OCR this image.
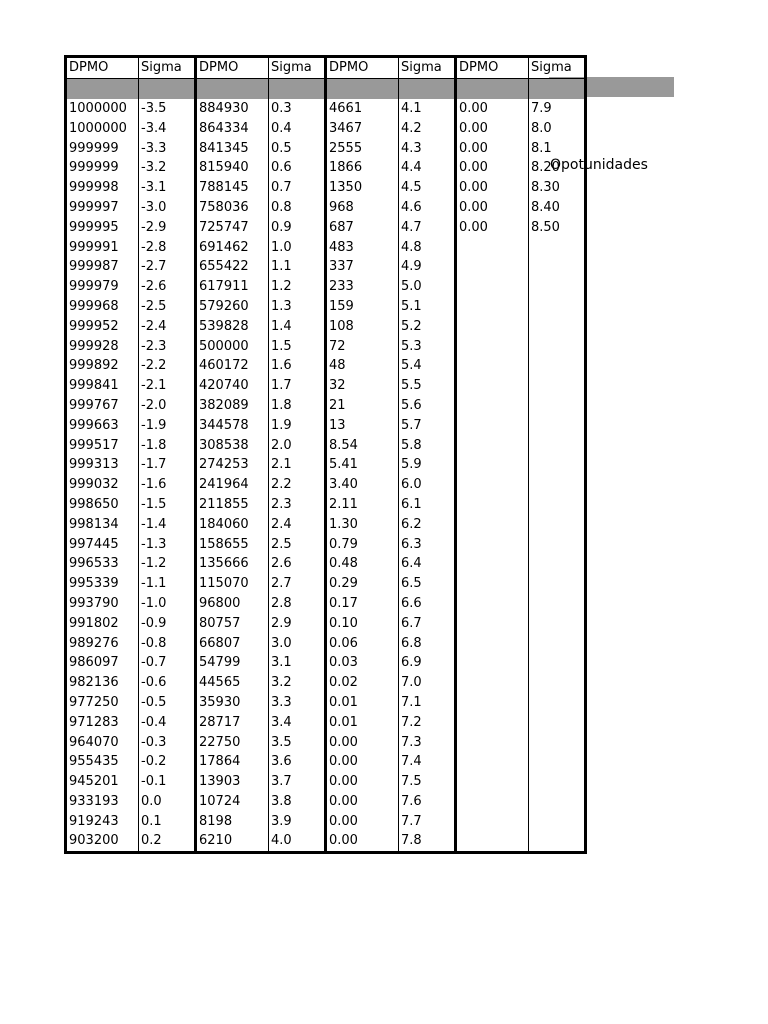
DPMO	Sigma	DPMO	Sigma	DPMO	Sigma	DPMO	Sigma

1000000	-3.5	884930	0.3	4661	4.1	0.00	7.9
1000000	-3.4	864334	0.4	3467	4.2	0.00	8.0
999999	-3.3	841345	0.5	2555	4.3	0.00	8.1
999999	-3.2	815940	0.6	1866	4.4	0.00	8.20
999998	-3.1	788145	0.7	1350	4.5	0.00	8.30
999997	-3.0	758036	0.8	968	4.6	0.00	8.40
999995	-2.9	725747	0.9	687	4.7	0.00	8.50
999991	-2.8	691462	1.0	483	4.8		
999987	-2.7	655422	1.1	337	4.9		
999979	-2.6	617911	1.2	233	5.0		
999968	-2.5	579260	1.3	159	5.1		
999952	-2.4	539828	1.4	108	5.2		
999928	-2.3	500000	1.5	72	5.3		
999892	-2.2	460172	1.6	48	5.4		
999841	-2.1	420740	1.7	32	5.5		
999767	-2.0	382089	1.8	21	5.6		
999663	-1.9	344578	1.9	13	5.7		
999517	-1.8	308538	2.0	8.54	5.8		
999313	-1.7	274253	2.1	5.41	5.9		
999032	-1.6	241964	2.2	3.40	6.0		
998650	-1.5	211855	2.3	2.11	6.1		
998134	-1.4	184060	2.4	1.30	6.2		
997445	-1.3	158655	2.5	0.79	6.3		
996533	-1.2	135666	2.6	0.48	6.4		
995339	-1.1	115070	2.7	0.29	6.5		
993790	-1.0	96800	2.8	0.17	6.6		
991802	-0.9	80757	2.9	0.10	6.7		
989276	-0.8	66807	3.0	0.06	6.8		
986097	-0.7	54799	3.1	0.03	6.9		
982136	-0.6	44565	3.2	0.02	7.0		
977250	-0.5	35930	3.3	0.01	7.1		
971283	-0.4	28717	3.4	0.01	7.2		
964070	-0.3	22750	3.5	0.00	7.3		
955435	-0.2	17864	3.6	0.00	7.4		
945201	-0.1	13903	3.7	0.00	7.5		
933193	0.0	10724	3.8	0.00	7.6		
919243	0.1	8198	3.9	0.00	7.7		
903200	0.2	6210	4.0	0.00	7.8		
Opotunidades
